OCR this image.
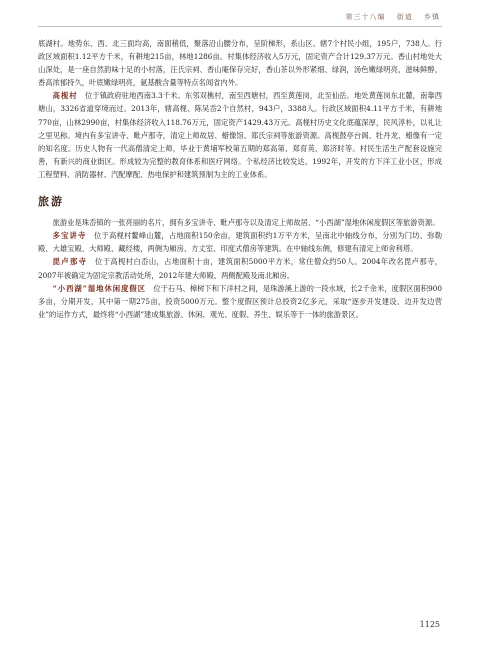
第三十八编 街道 乡镇

底湖村。地势东、西、北三面均高，南面稍低，聚落沿山腰分布，呈阶梯形，系山区。辖7个村民小组，195户，738人。行政区域面积1.12平方千米，有耕地215亩，林地1286亩。村集体经济收入5万元，固定资产合计129.37万元。香山村地处大山深处，是一座自然韵味十足的小村落，汪氏宗祠、香山庵保存完好，香山茶以外形紧细、绿润，汤色嫩绿明亮，滋味鲜醇，香高浓郁持久，叶底嫩绿明亮，氨基酸含量等特点名闻省内外。

高枧村　 位于镇政府驻地西南3.3千米。东邻双樵村，南至西塘村，西至黄莲岗，北至仙岳。地处黄莲岗东北麓，南靠西塘山，3326省道穿境而过。2013年，辖高枧、陈吴岙2个自然村，943户，3388人。行政区域面积4.11平方千米，有耕地770亩，山林2990亩，村集体经济收入118.76万元，固定资产1429.43万元。高枧村历史文化底蕴深厚，民风淳朴，以礼让之里见称。境内有多宝讲寺、毗卢那寺，清定上师故居、蜡像馆、郑氏宗祠等旅游资源。高枧鼓亭台阁、牡丹龙、蜡像有一定的知名度。历史人物有一代高僧清定上师，毕业于黄埔军校第五期的郑高第、郑育英、郑济时等。村民生活生产配套设施完善，有新兴的商业街区。形成较为完整的教育体系和医疗网络。个私经济比较发达，1992年，开发的方下洋工业小区，形成工程塑料、消防器材、汽配摩配、热电保护和建筑预制为主的工业体系。

旅游

旅游业是珠岙镇的一张亮丽的名片，拥有多宝讲寺、毗卢那寺以及清定上师故居、“小西湖”湿地休闲度假区等旅游资源。

多宝讲寺　 位于高枧村鳌峰山麓，占地面积150余亩，建筑面积约1万平方米，呈南北中轴线分布，分别为门坊、弥勒殿、大雄宝殿、大师殿、藏经楼，两侧为厢房、方丈室、印度式僧房等建筑。在中轴线东侧，修建有清定上师舍利塔。

毘卢那寺　 位于高枧村白岙山，占地面积十亩，建筑面积5000平方米，常住僧众约50人。2004年改名毘卢那寺，2007年被确定为固定宗教活动处所，2012年建大师殿、两侧配殿及南北厢房。

“小西湖”湿地休闲度假区　 位于石马、樟树下和下洋村之间，是珠游溪上游的一段水域，长2千余米，度假区面积900多亩，分期开发，其中第一期275亩，投资5000万元。整个度假区预计总投资2亿多元，采取“逐步开发建设、边开发边营业”的运作方式，最终将“小西湖”建成集旅游、休闲、观光、度假、养生、娱乐等于一体的旅游景区。

1125
